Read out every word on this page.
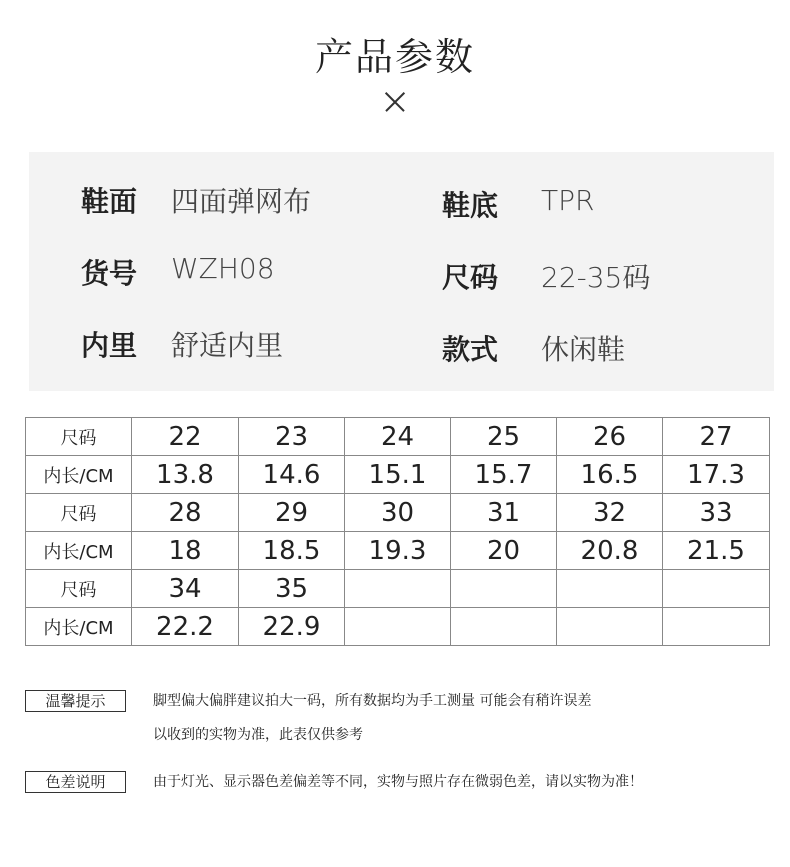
产品参数
鞋面 四面弹网布	鞋底 TPR
货号 WZH08	尺码 22-35码
内里 舒适内里	款式 休闲鞋
尺码	22	23	24	25	26	27
内长/CM	13.8	14.6	15.1	15.7	16.5	17.3
尺码	28	29	30	31	32	33
内长/CM	18	18.5	19.3	20	20.8	21.5
尺码	34	35				
内长/CM	22.2	22.9				
温馨提示	脚型偏大偏胖建议拍大一码，所有数据均为手工测量 可能会有稍许误差
以收到的实物为准，此表仅供参考
色差说明	由于灯光、显示器色差偏差等不同，实物与照片存在微弱色差，请以实物为准！
